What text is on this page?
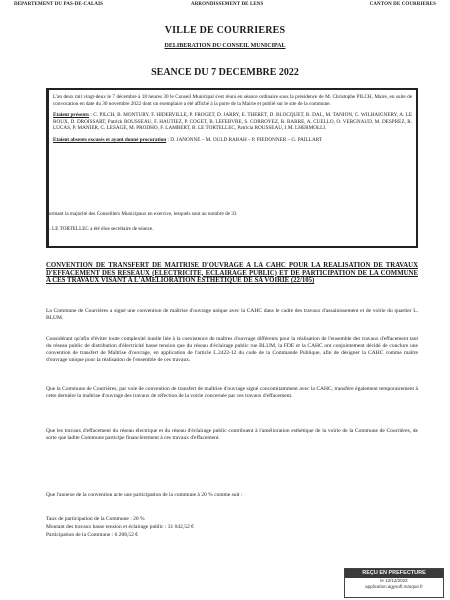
DEPARTEMENT DU PAS-DE-CALAIS	ARRONDISSEMENT DE LENS	CANTON DE COURRIERES
VILLE DE COURRIERES
DELIBERATION DU CONSEIL MUNICIPAL
SEANCE DU 7 DECEMBRE 2022

L'an deux mil vingt-deux le 7 décembre à 18 heures 30 le Conseil Municipal s'est réuni en séance ordinaire sous la présidence de M. Christophe PILCH, Maire, en suite de convocation en date du 30 novembre 2022 dont un exemplaire a été affiché à la porte de la Mairie et publié sur le site de la commune.

Etaient présents : C. PILCH, B. MONTURY, F. HIDERVILLE, P. FROGET, D. JARRY, E. THERET, D. BLOCQUET, B. DAL, M. TANION, C. WILHAIGNERY, A. LE ROUX, D. DROISSART, Patrick ROUSSEAU, F. HAUTIEZ, P. COGET, B. LEFEBVRE, S. CORROYEZ, R. BARRE, A. CUELLO, O. VERGNAUD, M. DESPREZ, R. LUCAS, P. MANIER, C. LESAGE, M. PRODHO, F. LAMBERT, B. LE TORTELLEC, Patricia ROUSSEAU, J.M. LHERMOLLI.

Etaient absents excusés et ayant donné procuration : D. JANONNE – M. OULD RABAH – P. PIEDONNER – G. PAILLART

Formant la majorité des Conseillers Municipaux en exercice, lesquels sont au nombre de 33
B. LE TORTELLEC a été élue secrétaire de séance.
CONVENTION DE TRANSFERT DE MAITRISE D'OUVRAGE A LA CAHC POUR LA REALISATION DE TRAVAUX D'EFFACEMENT DES RESEAUX (ELECTRICITE, ECLAIRAGE PUBLIC) ET DE PARTICIPATION DE LA COMMUNE A CES TRAVAUX VISANT A L'AMELIORATION ESTHETIQUE DE SA VOIRIE (22/105)
La Commune de Courrières a signé une convention de maîtrise d'ouvrage unique avec la CAHC dans le cadre des travaux d'assainissement et de voirie du quartier L. BLUM.
Considérant qu'afin d'éviter toute complexité inutile liée à la coexistence de maîtres d'ouvrage différents pour la réalisation de l'ensemble des travaux d'effacement tant du réseau public de distribution d'électricité basse tension que du réseau d'éclairage public rue BLUM, la FDE et la CAHC ont conjointement décidé de conclure une convention de transfert de Maîtrise d'ouvrage, en application de l'article L.2422-12 du code de la Commande Publique, afin de désigner la CAHC comme maître d'ouvrage unique pour la réalisation de l'ensemble de ces travaux.
Que la Commune de Courrières, par voie de convention de transfert de maîtrise d'ouvrage signé concomitamment avec la CAHC, transfère également temporairement à cette dernière la maîtrise d'ouvrage des travaux de réfection de la voirie concernée par ces travaux d'effacement.
Que les travaux d'effacement du réseau électrique et du réseau d'éclairage public contribuent à l'amélioration esthétique de la voirie de la Commune de Courrières, de sorte que ladite Commune participe financièrement à ces travaux d'effacement.
Que l'annexe de la convention acte une participation de la commune à 20 % comme suit :
Taux de participation de la Commune : 20 %
Montant des travaux basse tension et éclairage public : 31 042,52 €
Participation de la Commune : 6 208,52 €
REÇU EN PREFECTURE
le 12/12/2022
application.agysoft.marque.fr
